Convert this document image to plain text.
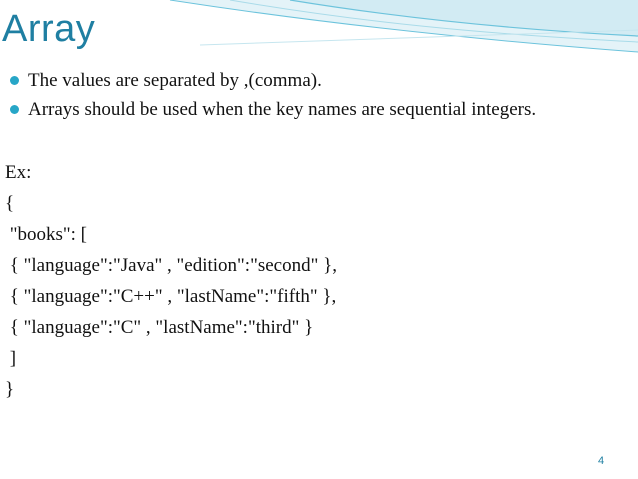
Array
The values are separated by ,(comma).
Arrays should be used when the key names are sequential integers.
Ex:
{
"books": [
{ "language":"Java" , "edition":"second" },
{ "language":"C++" , "lastName":"fifth" },
{ "language":"C" , "lastName":"third" }
]
}
4
